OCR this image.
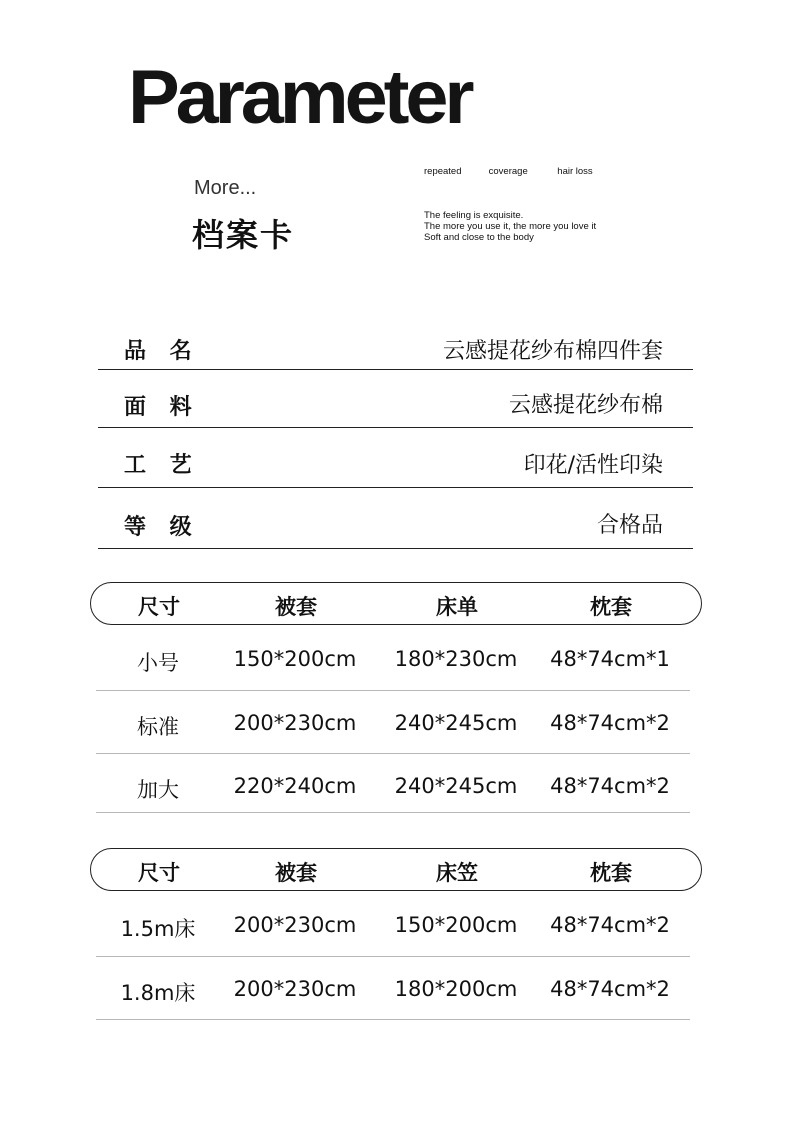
Parameter
More...
档案卡
repeated	coverage	hair loss
The feeling is exquisite.
The more you use it, the more you love it
Soft and close to the body
品 名	云感提花纱布棉四件套
面 料	云感提花纱布棉
工 艺	印花/活性印染
等 级	合格品
尺寸	被套	床单	枕套
小号	150*200cm	180*230cm	48*74cm*1
标准	200*230cm	240*245cm	48*74cm*2
加大	220*240cm	240*245cm	48*74cm*2
尺寸	被套	床笠	枕套
1.5m床	200*230cm	150*200cm	48*74cm*2
1.8m床	200*230cm	180*200cm	48*74cm*2
